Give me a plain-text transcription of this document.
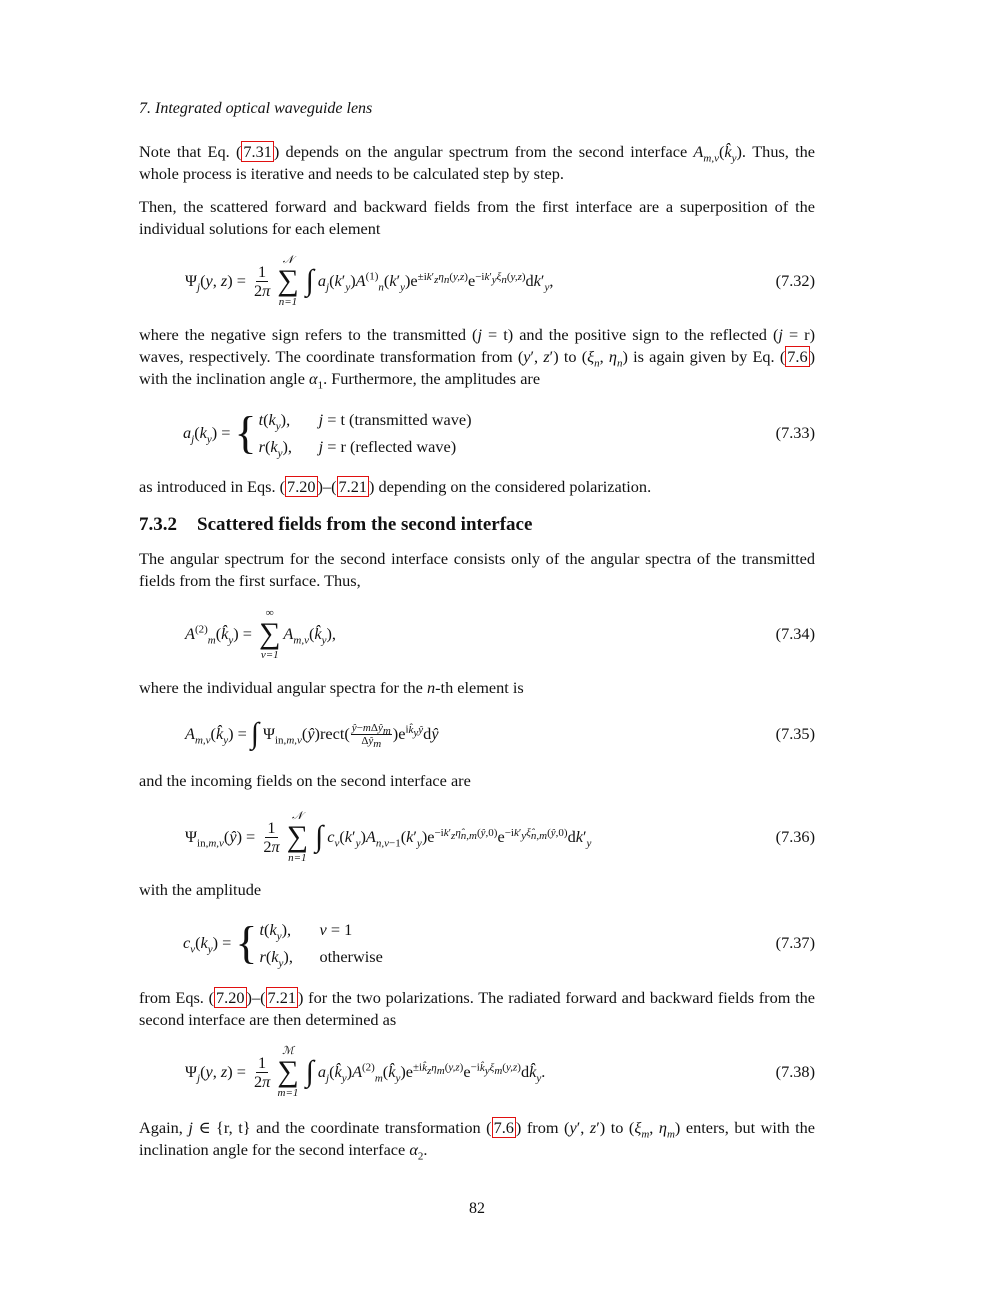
7. Integrated optical waveguide lens

Note that Eq. ( 7.31 ) depends on the angular spectrum from the second interface $A_{m,\nu}(k̂_y)$. Thus, the whole process is iterative and needs to be calculated step by step.

Then, the scattered forward and backward fields from the first interface are a superposition of the individual solutions for each element

$\Psi_j(y$, $z) = \frac{1}{2\pi}$
𝒩
∑
n=1
∫ $a_j(k'_y)A^{(1)}_n(k'_y)e^{\pm ik'_z\eta_n(y,z)}e^{-ik'_y\xi_n(y,z)}dk'_y$,	(7.32)

where the negative sign refers to the transmitted (j = t) and the positive sign to the reflected (j = r) waves, respectively. The coordinate transformation from (y′, z′) to ($\xi_n$, $\eta_n$) is again given by Eq. ( 7.6 ) with the inclination angle $\alpha_1$. Furthermore, the amplitudes are

$a_j(k_y)$ = { $t(k_y)$, j = t (transmitted wave)
$r(k_y)$, j = r (reflected wave)
(7.33)

as introduced in Eqs. ( 7.20 )–( 7.21 ) depending on the considered polarization.

7.3.2 Scattered fields from the second interface

The angular spectrum for the second interface consists only of the angular spectra of the transmitted fields from the first surface. Thus,

$A^{(2)}_m(k̂_y)$ =
∞
∑
ν=1
$A_{m,\nu}(k̂_y)$,	(7.34)

where the individual angular spectra for the n-th element is

$A_{m,\nu}(k̂_y)$ = ∫ $\Psi_{in,m,\nu}(ŷ)rect$( ŷ−mΔŷ$_m$
$\Delta ŷ_m$
)$e^{ik̂_yŷ}dŷ$	(7.35)

and the incoming fields on the second interface are

$\Psi_{in,m,\nu}(ŷ) = \frac{1}{2\pi}$
𝒩
∑
n=1
∫ $c_\nu(k'_y)A_{n,\nu-1}(k'_y)e^{-ik'_z\etâ_{n,m}(ŷ,0)}e^{-ik'_y\xî_{n,m}(ŷ,0)}dk'_y$	(7.36)

with the amplitude

$c_\nu(k_y)$ = { $t(k_y)$, ν = 1
$r(k_y)$, otherwise
(7.37)

from Eqs. ( 7.20 )–( 7.21 ) for the two polarizations. The radiated forward and backward fields from the second interface are then determined as

$\Psi_j(y$, $z) = \frac{1}{2\pi}$
ℳ
∑
m=1
∫ $a_j(k̂_y)A^{(2)}_m(k̂_y)e^{\pm ik̂_z\eta_m(y,z)}e^{-ik̂_y\xi_m(y,z)}dk̂_y$.	(7.38)

Again, j ∈ {r, t} and the coordinate transformation ( 7.6 ) from (y′, z′) to ($\xi_m$, $\eta_m$) enters, but with the inclination angle for the second interface $\alpha_2$.

82
